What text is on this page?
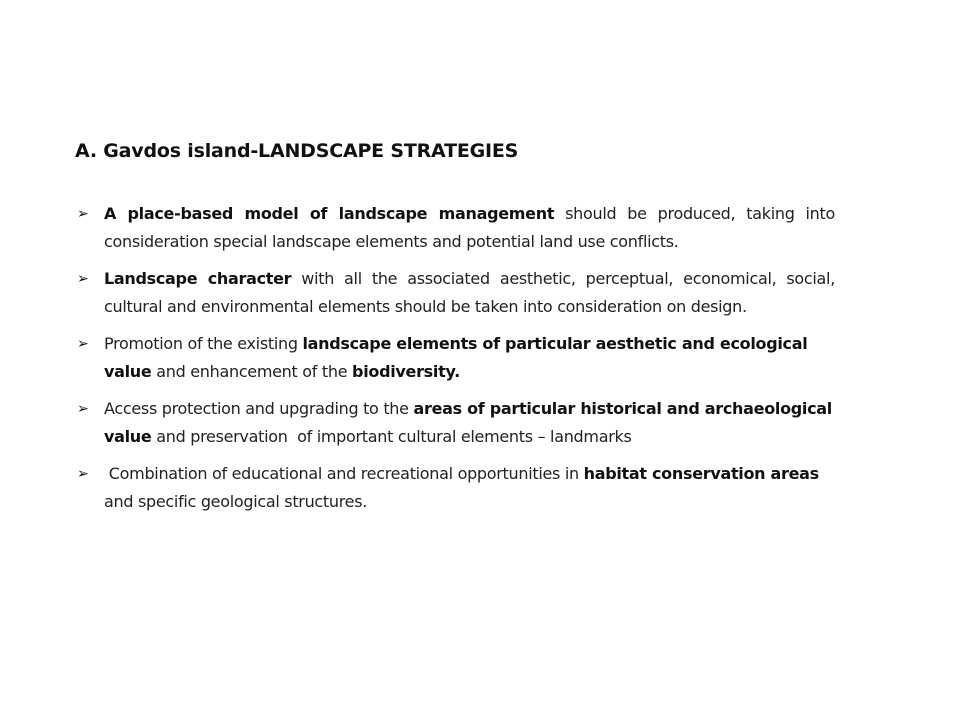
A. Gavdos island-LANDSCAPE STRATEGIES
➢ A place-based model of landscape management should be produced, taking into consideration special landscape elements and potential land use conflicts.
➢ Landscape character with all the associated aesthetic, perceptual, economical, social, cultural and environmental elements should be taken into consideration on design.
➢ Promotion of the existing landscape elements of particular aesthetic and ecological value and enhancement of the biodiversity.
➢ Access protection and upgrading to the areas of particular historical and archaeological value and preservation  of important cultural elements – landmarks
➢ Combination of educational and recreational opportunities in habitat conservation areas and specific geological structures.
